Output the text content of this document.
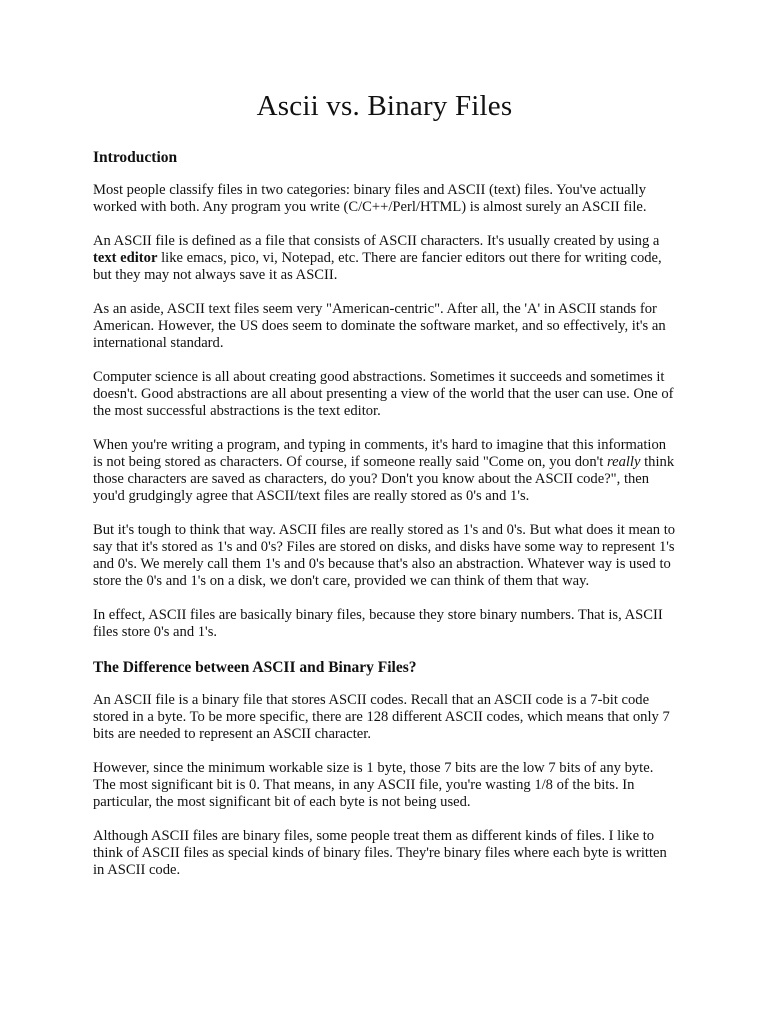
Ascii vs. Binary Files
Introduction

Most people classify files in two categories: binary files and ASCII (text) files. You've actually worked with both. Any program you write (C/C++/Perl/HTML) is almost surely an ASCII file.

An ASCII file is defined as a file that consists of ASCII characters. It's usually created by using a text editor like emacs, pico, vi, Notepad, etc. There are fancier editors out there for writing code, but they may not always save it as ASCII.

As an aside, ASCII text files seem very "American-centric". After all, the 'A' in ASCII stands for American. However, the US does seem to dominate the software market, and so effectively, it's an international standard.

Computer science is all about creating good abstractions. Sometimes it succeeds and sometimes it doesn't. Good abstractions are all about presenting a view of the world that the user can use. One of the most successful abstractions is the text editor.

When you're writing a program, and typing in comments, it's hard to imagine that this information is not being stored as characters. Of course, if someone really said "Come on, you don't really think those characters are saved as characters, do you? Don't you know about the ASCII code?", then you'd grudgingly agree that ASCII/text files are really stored as 0's and 1's.

But it's tough to think that way. ASCII files are really stored as 1's and 0's. But what does it mean to say that it's stored as 1's and 0's? Files are stored on disks, and disks have some way to represent 1's and 0's. We merely call them 1's and 0's because that's also an abstraction. Whatever way is used to store the 0's and 1's on a disk, we don't care, provided we can think of them that way.

In effect, ASCII files are basically binary files, because they store binary numbers. That is, ASCII files store 0's and 1's.

The Difference between ASCII and Binary Files?

An ASCII file is a binary file that stores ASCII codes. Recall that an ASCII code is a 7-bit code stored in a byte. To be more specific, there are 128 different ASCII codes, which means that only 7 bits are needed to represent an ASCII character.

However, since the minimum workable size is 1 byte, those 7 bits are the low 7 bits of any byte. The most significant bit is 0. That means, in any ASCII file, you're wasting 1/8 of the bits. In particular, the most significant bit of each byte is not being used.

Although ASCII files are binary files, some people treat them as different kinds of files. I like to think of ASCII files as special kinds of binary files. They're binary files where each byte is written in ASCII code.
